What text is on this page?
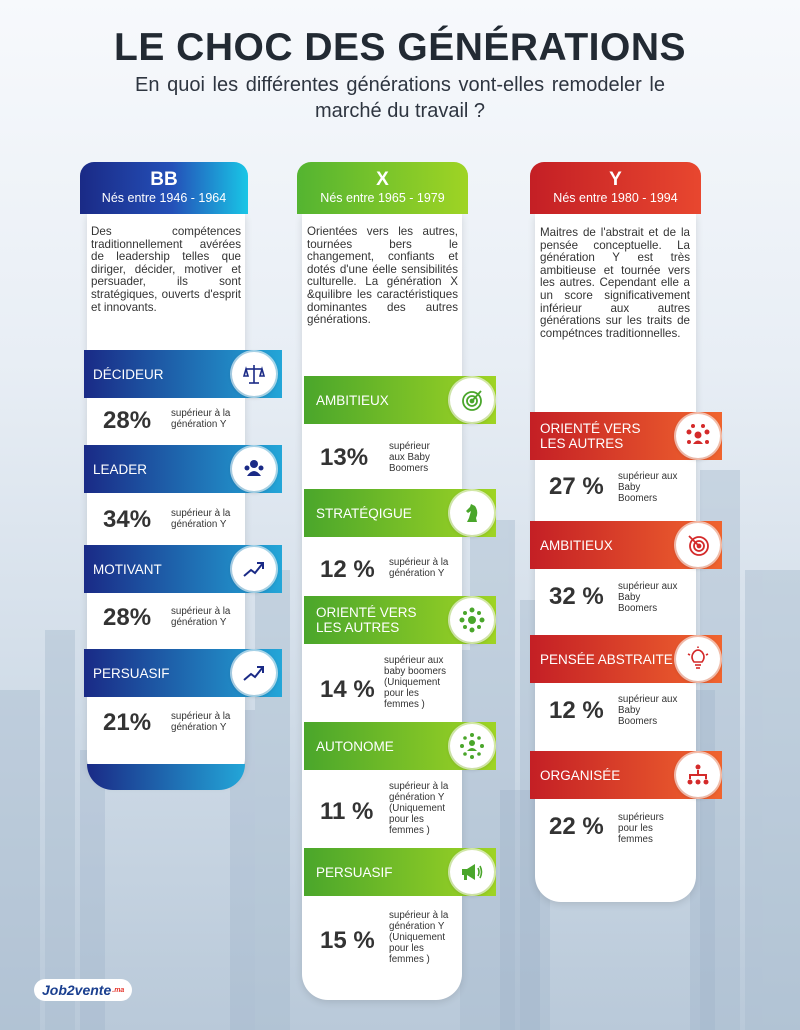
LE CHOC DES GÉNÉRATIONS

En quoi les différentes générations vont-elles remodeler le marché du travail ?

BB
Nés entre 1946 - 1964

Des compétences traditionnellement avérées de leadership telles que diriger, décider, motiver et persuader, ils sont stratégiques, ouverts d'esprit et innovants.

DÉCIDEUR
28% supérieur à la génération Y

LEADER
34% supérieur à la génération Y

MOTIVANT
28% supérieur à la génération Y

PERSUASIF
21% supérieur à la génération Y

X
Nés entre 1965 - 1979

Orientées vers les autres, tournées bers le changement, confiants et dotés d'une éelle sensibilités culturelle. La génération X &quilibre les caractéristiques dominantes des autres générations.

AMBITIEUX
13% supérieur aux Baby Boomers

STRATÉQIGUE
12 % supérieur à la génération Y

ORIENTÉ VERS LES AUTRES
14 %

supérieur aux baby boomers (Uniquement pour les femmes )

AUTONOME
11 %

supérieur à la génération Y (Uniquement pour les femmes )

PERSUASIF
15 %

supérieur à la génération Y (Uniquement pour les femmes )

Y
Nés entre 1980 - 1994

Maitres de l'abstrait et de la pensée conceptuelle. La génération Y est très ambitieuse et tournée vers les autres. Cependant elle a un score significativement inférieur aux autres générations sur les traits de compétnces traditionnelles.

ORIENTÉ VERS LES AUTRES
27 % supérieur aux Baby Boomers

AMBITIEUX
32 % supérieur aux Baby Boomers

PENSÉE ABSTRAITE
12 % supérieur aux Baby Boomers

ORGANISÉE
22 % supérieurs pour les femmes

Job2vente .ma
